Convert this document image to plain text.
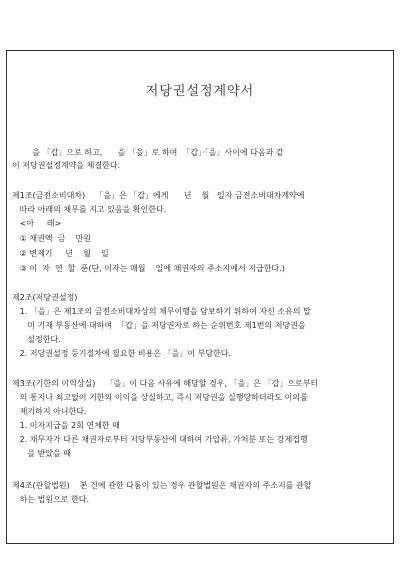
저당권설정계약서
을 「갑」으로 하고,      을 「을」로 하여  「갑」·「을」사이에 다음과 같
이 저당권설정계약을 체결한다.
제1조(금전소비대차)    「을」은 「갑」에게      년    월   일자 금전소비대차계약에
따라 아래의 채무를 지고 있음을 확인한다.
<아     래>
① 채권액  금    만원
② 변제기     년    월    일
③ 이  자  연  할  푼(단, 이자는 매월    일에 채권자의 주소지에서 지급한다.)
제2조(저당권설정)
1. 「을」은 제1조의 금전소비대차상의 채무이행을 담보하기 위하여 자신 소유의 말
미 기재 부동산에 대하여  「갑」을 저당권자로 하는 순위번호 제1번의 저당권을
설정한다.
2. 저당권설정 등기절차에 필요한 비용은 「을」이 부담한다.
제3조(기한의 이익상실)    「을」이 다음 사유에 해당할 경우, 「을」은 「갑」으로부터
의 통지나 최고없이 기한의 이익을 상실하고, 즉시 저당권을 실행당하더라도 이의를
제기하지 아니한다.
1. 이자지급을 2회 연체한 때
2. 채무자가 다른 채권자로부터 저당부동산에 대하여 가압류, 가처분 또는 강제집행
을 받았을 때
제4조(관할법원)    본 건에 관한 다툼이 있는 경우 관할법원은 채권자의 주소지를 관할
하는 법원으로 한다.
